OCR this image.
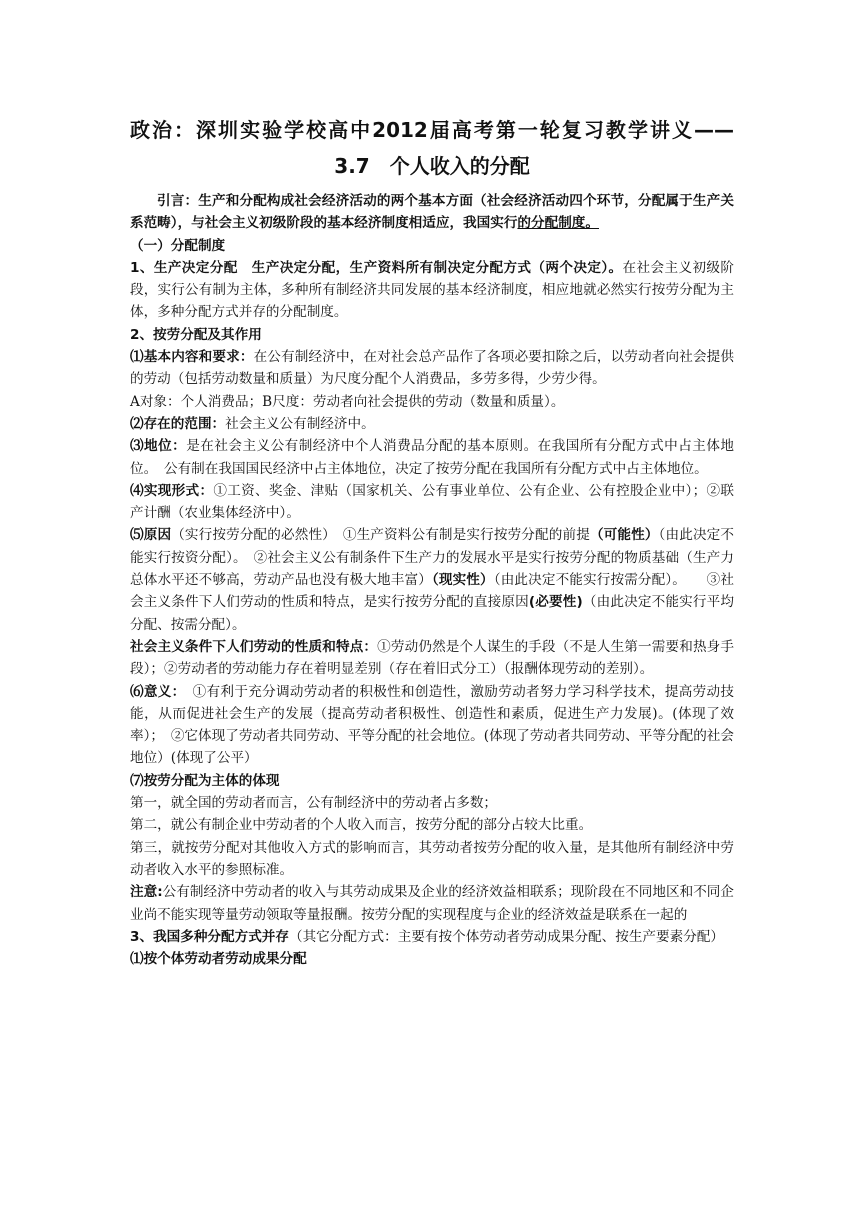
政治：深圳实验学校高中2012届高考第一轮复习教学讲义——

3.7　个人收入的分配

引言：生产和分配构成社会经济活动的两个基本方面（社会经济活动四个环节，分配属于生产关系范畴），与社会主义初级阶段的基本经济制度相适应，我国实行的分配制度。

（一）分配制度

1、生产决定分配　生产决定分配，生产资料所有制决定分配方式（两个决定）。在社会主义初级阶段，实行公有制为主体，多种所有制经济共同发展的基本经济制度，相应地就必然实行按劳分配为主体，多种分配方式并存的分配制度。

2、按劳分配及其作用

⑴基本内容和要求：在公有制经济中，在对社会总产品作了各项必要扣除之后，以劳动者向社会提供的劳动（包括劳动数量和质量）为尺度分配个人消费品，多劳多得，少劳少得。

A对象：个人消费品；B尺度：劳动者向社会提供的劳动（数量和质量）。

⑵存在的范围：社会主义公有制经济中。

⑶地位：是在社会主义公有制经济中个人消费品分配的基本原则。在我国所有分配方式中占主体地位。　公有制在我国国民经济中占主体地位，决定了按劳分配在我国所有分配方式中占主体地位。

⑷实现形式：①工资、奖金、津贴（国家机关、公有事业单位、公有企业、公有控股企业中）；②联产计酬（农业集体经济中）。

⑸原因（实行按劳分配的必然性）　①生产资料公有制是实行按劳分配的前提（可能性）（由此决定不能实行按资分配）。　②社会主义公有制条件下生产力的发展水平是实行按劳分配的物质基础（生产力总体水平还不够高，劳动产品也没有极大地丰富）（现实性）（由此决定不能实行按需分配）。　　③社会主义条件下人们劳动的性质和特点，是实行按劳分配的直接原因(必要性)（由此决定不能实行平均分配、按需分配）。

社会主义条件下人们劳动的性质和特点：①劳动仍然是个人谋生的手段（不是人生第一需要和热身手段）；②劳动者的劳动能力存在着明显差别（存在着旧式分工）（报酬体现劳动的差别）。

⑹意义：　①有利于充分调动劳动者的积极性和创造性，激励劳动者努力学习科学技术，提高劳动技能，从而促进社会生产的发展（提高劳动者积极性、创造性和素质，促进生产力发展)。(体现了效率）；　②它体现了劳动者共同劳动、平等分配的社会地位。(体现了劳动者共同劳动、平等分配的社会地位）(体现了公平）

⑺按劳分配为主体的体现

第一，就全国的劳动者而言，公有制经济中的劳动者占多数；

第二，就公有制企业中劳动者的个人收入而言，按劳分配的部分占较大比重。

第三，就按劳分配对其他收入方式的影响而言，其劳动者按劳分配的收入量，是其他所有制经济中劳动者收入水平的参照标准。

注意:公有制经济中劳动者的收入与其劳动成果及企业的经济效益相联系；现阶段在不同地区和不同企业尚不能实现等量劳动领取等量报酬。按劳分配的实现程度与企业的经济效益是联系在一起的

3、我国多种分配方式并存（其它分配方式：主要有按个体劳动者劳动成果分配、按生产要素分配）

⑴按个体劳动者劳动成果分配
